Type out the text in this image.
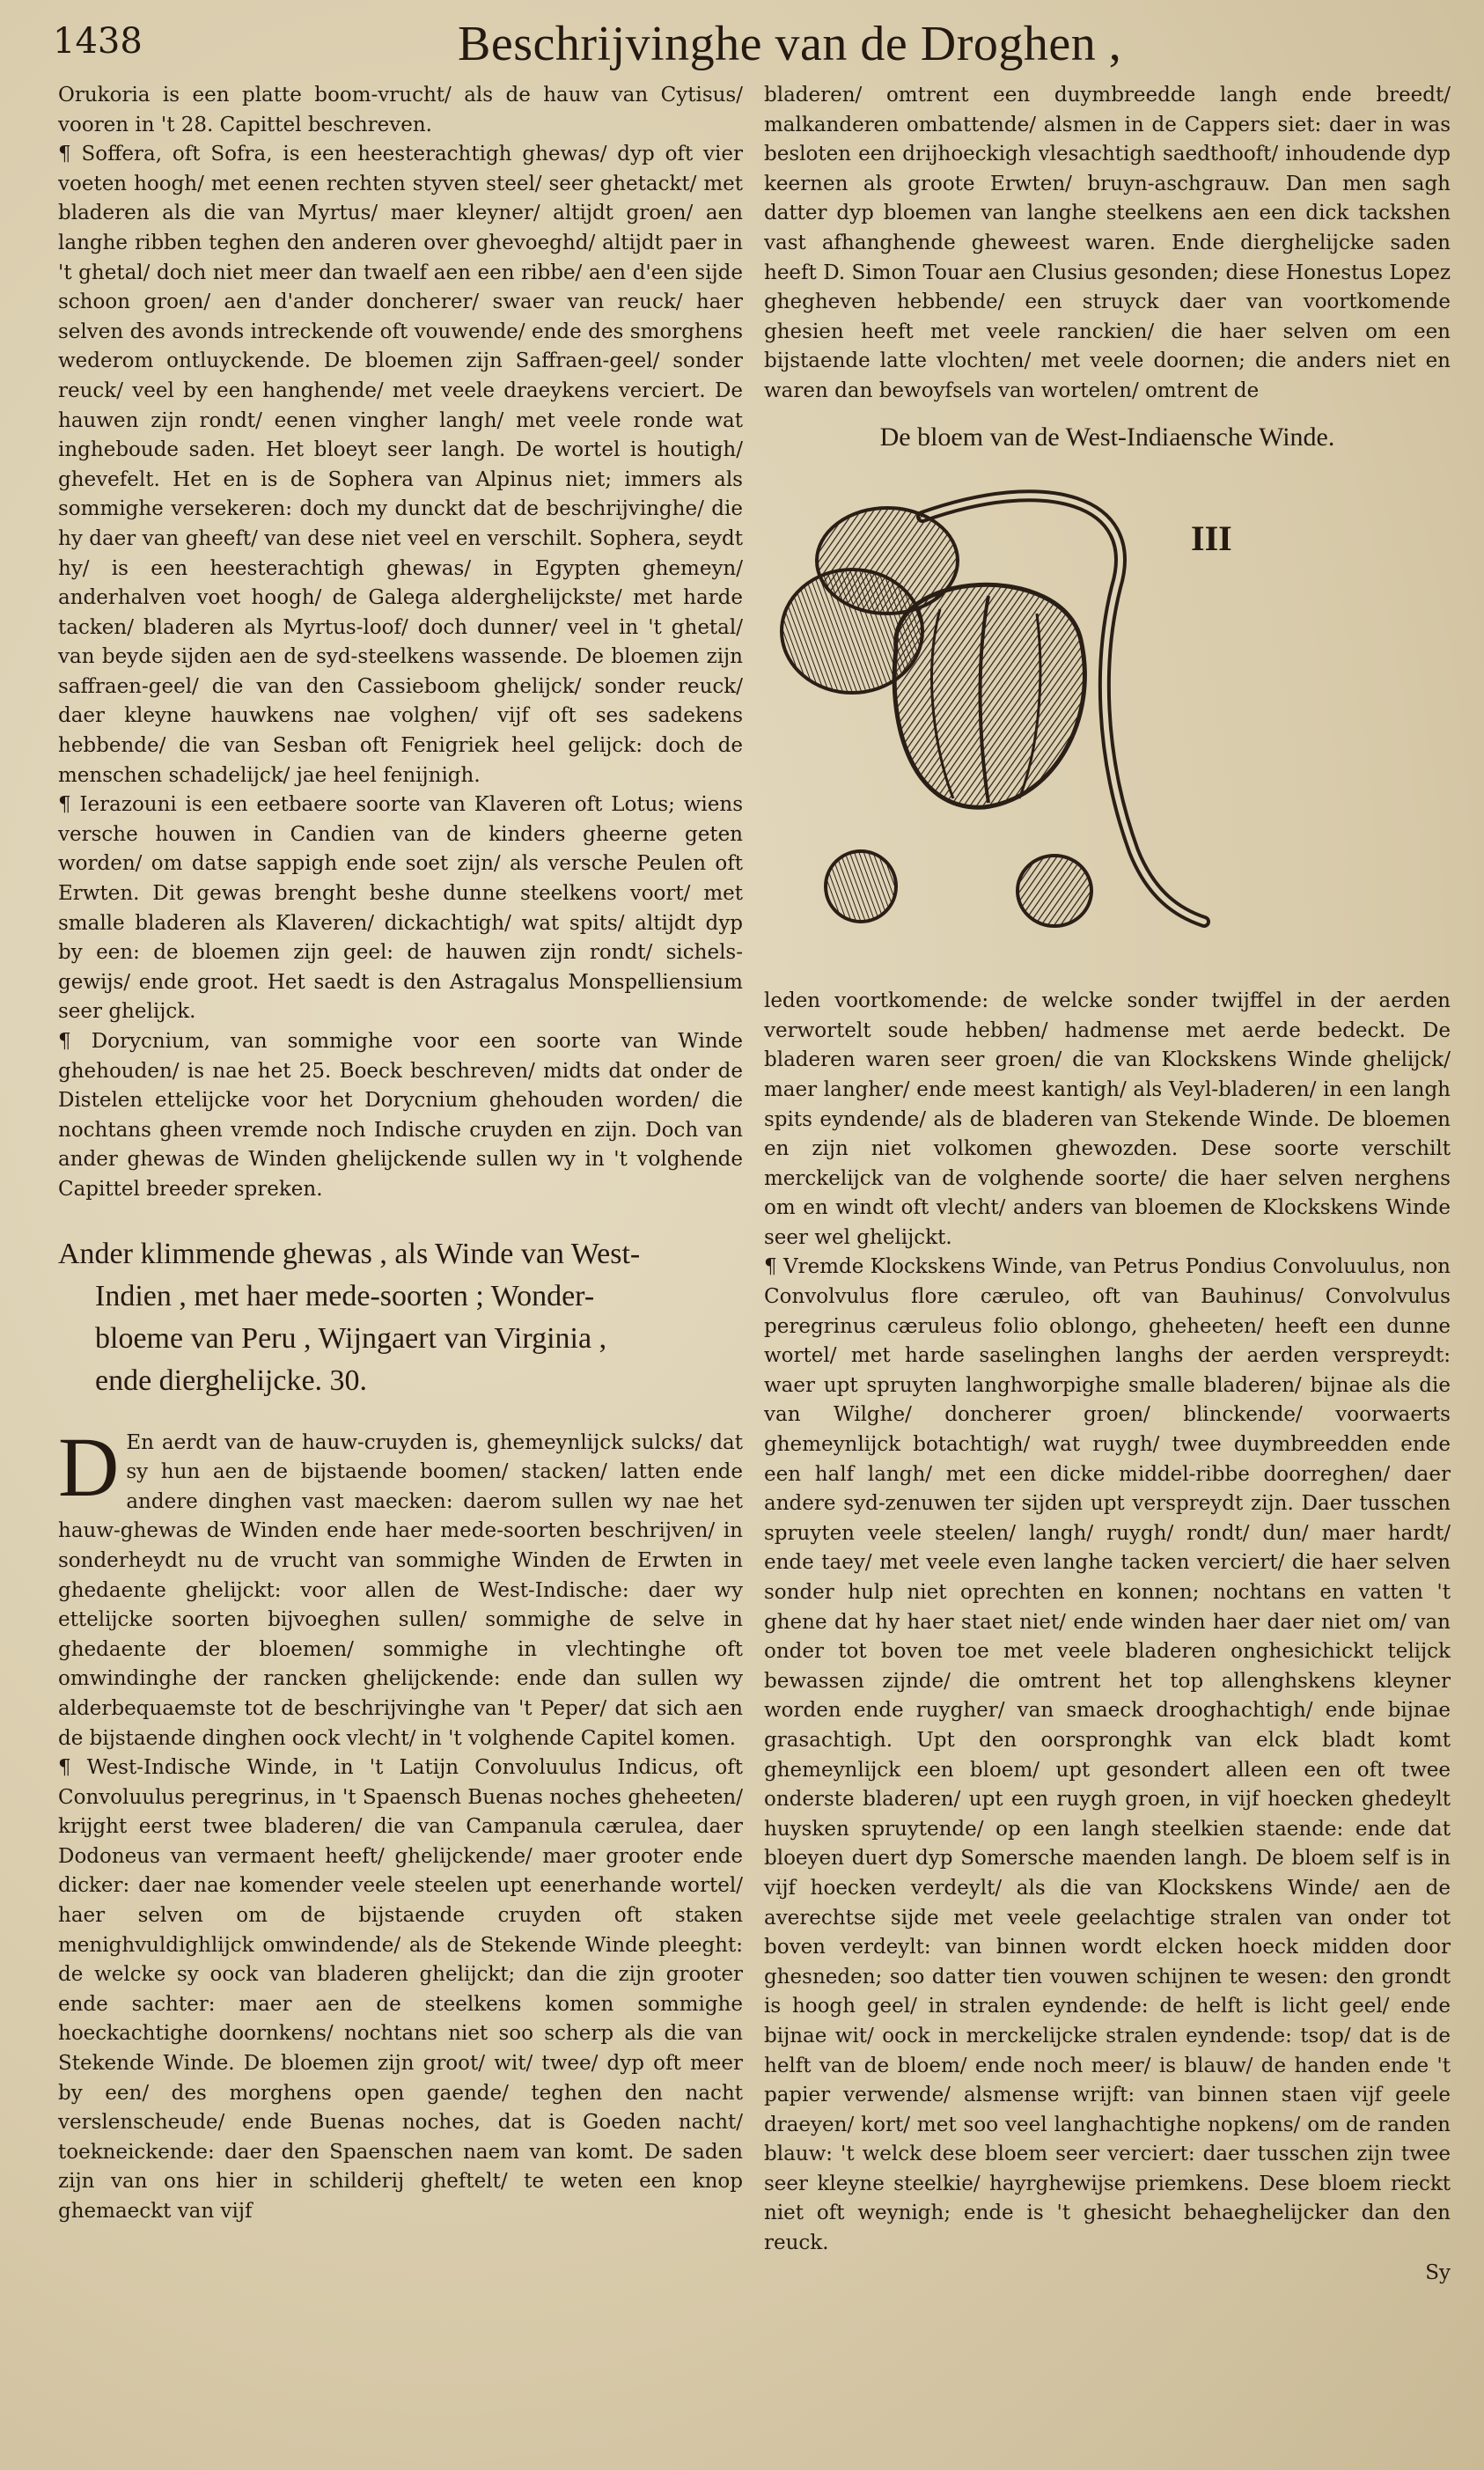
1438	Beschrijvinghe van de Droghen ,

Orukoria is een platte boom-vrucht/ als de hauw van Cytisus/ vooren in 't 28. Capittel beschreven.

¶ Soffera, oft Sofra, is een heesterachtigh ghewas/ dyp oft vier voeten hoogh/ met eenen rechten styven steel/ seer ghetackt/ met bladeren als die van Myrtus/ maer kleyner/ altijdt groen/ aen langhe ribben teghen den anderen over ghevoeghd/ altijdt paer in 't ghetal/ doch niet meer dan twaelf aen een ribbe/ aen d'een sijde schoon groen/ aen d'ander doncherer/ swaer van reuck/ haer selven des avonds intreckende oft vouwende/ ende des smorghens wederom ontluyckende. De bloemen zijn Saffraen-geel/ sonder reuck/ veel by een hanghende/ met veele draeykens verciert. De hauwen zijn rondt/ eenen vingher langh/ met veele ronde wat ingheboude saden. Het bloeyt seer langh. De wortel is houtigh/ ghevefelt. Het en is de Sophera van Alpinus niet; immers als sommighe versekeren: doch my dunckt dat de beschrijvinghe/ die hy daer van gheeft/ van dese niet veel en verschilt. Sophera, seydt hy/ is een heesterachtigh ghewas/ in Egypten ghemeyn/ anderhalven voet hoogh/ de Galega alderghelijckste/ met harde tacken/ bladeren als Myrtus-loof/ doch dunner/ veel in 't ghetal/ van beyde sijden aen de syd-steelkens wassende. De bloemen zijn saffraen-geel/ die van den Cassieboom ghelijck/ sonder reuck/ daer kleyne hauwkens nae volghen/ vijf oft ses sadekens hebbende/ die van Sesban oft Fenigriek heel gelijck: doch de menschen schadelijck/ jae heel fenijnigh.

¶ Ierazouni is een eetbaere soorte van Klaveren oft Lotus; wiens versche houwen in Candien van de kinders gheerne geten worden/ om datse sappigh ende soet zijn/ als versche Peulen oft Erwten. Dit gewas brenght beshe dunne steelkens voort/ met smalle bladeren als Klaveren/ dickachtigh/ wat spits/ altijdt dyp by een: de bloemen zijn geel: de hauwen zijn rondt/ sichels-gewijs/ ende groot. Het saedt is den Astragalus Monspelliensium seer ghelijck.

¶ Dorycnium, van sommighe voor een soorte van Winde ghehouden/ is nae het 25. Boeck beschreven/ midts dat onder de Distelen ettelijcke voor het Dorycnium ghehouden worden/ die nochtans gheen vremde noch Indische cruyden en zijn. Doch van ander ghewas de Winden ghelijckende sullen wy in 't volghende Capittel breeder spreken.

Ander klimmende ghewas , als Winde van West-
Indien , met haer mede-soorten ; Wonder-
bloeme van Peru , Wijngaert van Virginia ,
ende dierghelijcke. 30.

D En aerdt van de hauw-cruyden is, ghemeynlijck sulcks/ dat sy hun aen de bijstaende boomen/ stacken/ latten ende andere dinghen vast maecken: daerom sullen wy nae het hauw-ghewas de Winden ende haer mede-soorten beschrijven/ in sonderheydt nu de vrucht van sommighe Winden de Erwten in ghedaente ghelijckt: voor allen de West-Indische: daer wy ettelijcke soorten bijvoeghen sullen/ sommighe de selve in ghedaente der bloemen/ sommighe in vlechtinghe oft omwindinghe der rancken ghelijckende: ende dan sullen wy alderbequaemste tot de beschrijvinghe van 't Peper/ dat sich aen de bijstaende dinghen oock vlecht/ in 't volghende Capitel komen.

¶ West-Indische Winde, in 't Latijn Convoluulus Indicus, oft Convoluulus peregrinus, in 't Spaensch Buenas noches gheheeten/ krijght eerst twee bladeren/ die van Campanula cærulea, daer Dodoneus van vermaent heeft/ ghelijckende/ maer grooter ende dicker: daer nae komender veele steelen upt eenerhande wortel/ haer selven om de bijstaende cruyden oft staken menighvuldighlijck omwindende/ als de Stekende Winde pleeght: de welcke sy oock van bladeren ghelijckt; dan die zijn grooter ende sachter: maer aen de steelkens komen sommighe hoeckachtighe doornkens/ nochtans niet soo scherp als die van Stekende Winde. De bloemen zijn groot/ wit/ twee/ dyp oft meer by een/ des morghens open gaende/ teghen den nacht verslenscheude/ ende Buenas noches, dat is Goeden nacht/ toekneickende: daer den Spaenschen naem van komt. De saden zijn van ons hier in schilderij gheftelt/ te weten een knop ghemaeckt van vijf

bladeren/ omtrent een duymbreedde langh ende breedt/ malkanderen ombattende/ alsmen in de Cappers siet: daer in was besloten een drijhoeckigh vlesachtigh saedthooft/ inhoudende dyp keernen als groote Erwten/ bruyn-aschgrauw. Dan men sagh datter dyp bloemen van langhe steelkens aen een dick tackshen vast afhanghende gheweest waren. Ende dierghelijcke saden heeft D. Simon Touar aen Clusius gesonden; diese Honestus Lopez ghegheven hebbende/ een struyck daer van voortkomende ghesien heeft met veele ranckien/ die haer selven om een bijstaende latte vlochten/ met veele doornen; die anders niet en waren dan bewoyfsels van wortelen/ omtrent de

De bloem van de West-Indiaensche Winde.
III

leden voortkomende: de welcke sonder twijffel in der aerden verwortelt soude hebben/ hadmense met aerde bedeckt. De bladeren waren seer groen/ die van Klockskens Winde ghelijck/ maer langher/ ende meest kantigh/ als Veyl-bladeren/ in een langh spits eyndende/ als de bladeren van Stekende Winde. De bloemen en zijn niet volkomen ghewozden. Dese soorte verschilt merckelijck van de volghende soorte/ die haer selven nerghens om en windt oft vlecht/ anders van bloemen de Klockskens Winde seer wel ghelijckt.

¶ Vremde Klockskens Winde, van Petrus Pondius Convoluulus, non Convolvulus flore cæruleo, oft van Bauhinus/ Convolvulus peregrinus cæruleus folio oblongo, gheheeten/ heeft een dunne wortel/ met harde saselinghen langhs der aerden verspreydt: waer upt spruyten langhworpighe smalle bladeren/ bijnae als die van Wilghe/ doncherer groen/ blinckende/ voorwaerts ghemeynlijck botachtigh/ wat ruygh/ twee duymbreedden ende een half langh/ met een dicke middel-ribbe doorreghen/ daer andere syd-zenuwen ter sijden upt verspreydt zijn. Daer tusschen spruyten veele steelen/ langh/ ruygh/ rondt/ dun/ maer hardt/ ende taey/ met veele even langhe tacken verciert/ die haer selven sonder hulp niet oprechten en konnen; nochtans en vatten 't ghene dat hy haer staet niet/ ende winden haer daer niet om/ van onder tot boven toe met veele bladeren onghesichickt telijck bewassen zijnde/ die omtrent het top allenghskens kleyner worden ende ruygher/ van smaeck drooghachtigh/ ende bijnae grasachtigh. Upt den oorspronghk van elck bladt komt ghemeynlijck een bloem/ upt gesondert alleen een oft twee onderste bladeren/ upt een ruygh groen, in vijf hoecken ghedeylt huysken spruytende/ op een langh steelkien staende: ende dat bloeyen duert dyp Somersche maenden langh. De bloem self is in vijf hoecken verdeylt/ als die van Klockskens Winde/ aen de averechtse sijde met veele geelachtige stralen van onder tot boven verdeylt: van binnen wordt elcken hoeck midden door ghesneden; soo datter tien vouwen schijnen te wesen: den grondt is hoogh geel/ in stralen eyndende: de helft is licht geel/ ende bijnae wit/ oock in merckelijcke stralen eyndende: tsop/ dat is de helft van de bloem/ ende noch meer/ is blauw/ de handen ende 't papier verwende/ alsmense wrijft: van binnen staen vijf geele draeyen/ kort/ met soo veel langhachtighe nopkens/ om de randen blauw: 't welck dese bloem seer verciert: daer tusschen zijn twee seer kleyne steelkie/ hayrghewijse priemkens. Dese bloem rieckt niet oft weynigh; ende is 't ghesicht behaeghelijcker dan den reuck.

Sy
